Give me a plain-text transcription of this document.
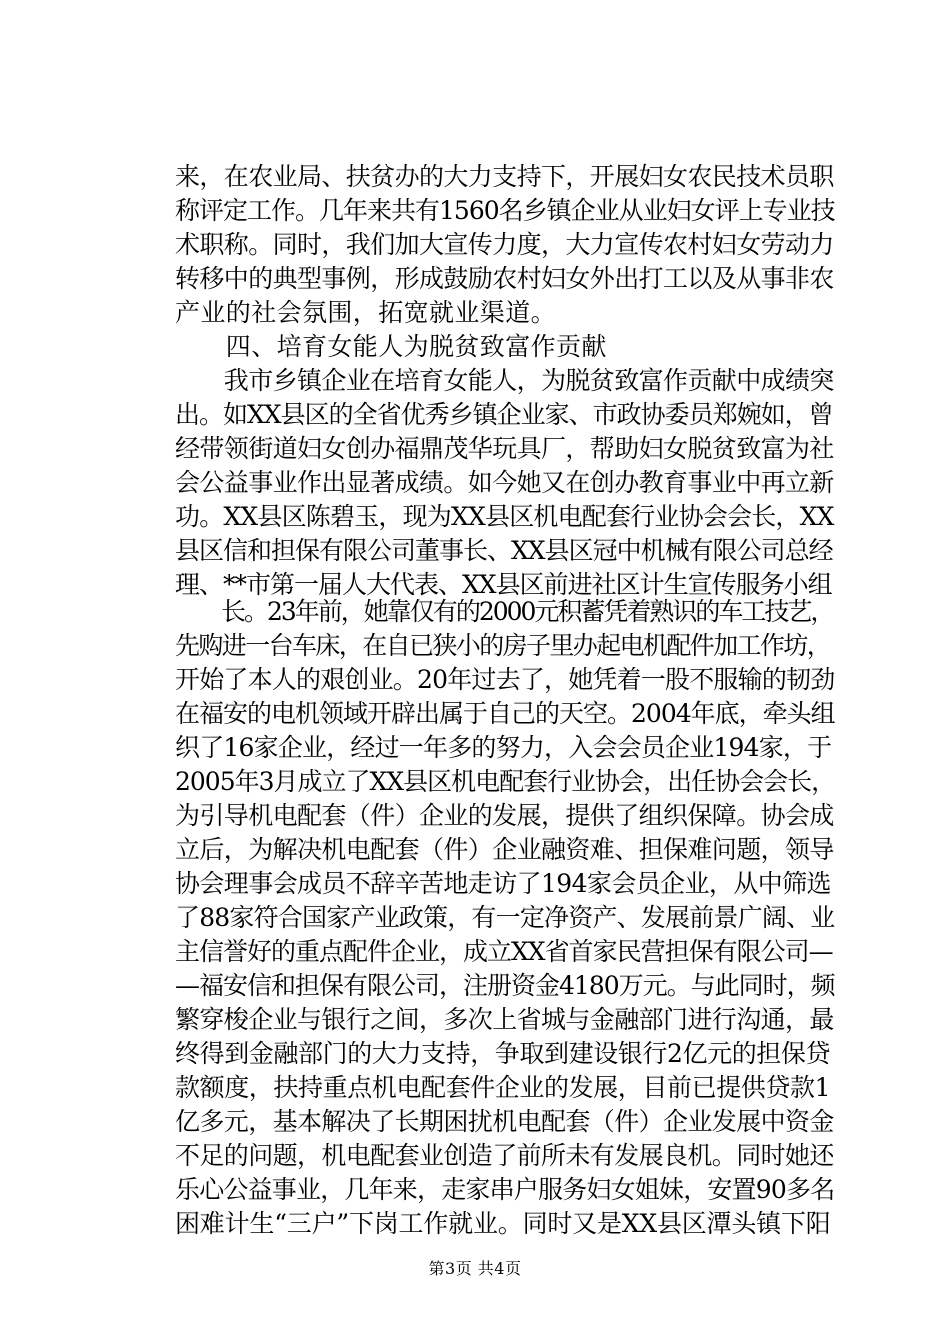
来，在农业局、扶贫办的大力支持下，开展妇女农民技术员职
称评定工作。几年来共有1560名乡镇企业从业妇女评上专业技
术职称。同时，我们加大宣传力度，大力宣传农村妇女劳动力
转移中的典型事例，形成鼓励农村妇女外出打工以及从事非农
产业的社会氛围，拓宽就业渠道。
　　四、培育女能人为脱贫致富作贡献
　　我市乡镇企业在培育女能人，为脱贫致富作贡献中成绩突
出。如XX县区的全省优秀乡镇企业家、市政协委员郑婉如，曾
经带领街道妇女创办福鼎茂华玩具厂，帮助妇女脱贫致富为社
会公益事业作出显著成绩。如今她又在创办教育事业中再立新
功。XX县区陈碧玉，现为XX县区机电配套行业协会会长，XX
县区信和担保有限公司董事长、XX县区冠中机械有限公司总经
理、**市第一届人大代表、XX县区前进社区计生宣传服务小组
　　长。23年前，她靠仅有的2000元积蓄凭着熟识的车工技艺，
先购进一台车床，在自已狭小的房子里办起电机配件加工作坊，
开始了本人的艰创业。20年过去了，她凭着一股不服输的韧劲
在福安的电机领域开辟出属于自己的天空。2004年底，牵头组
织了16家企业，经过一年多的努力，入会会员企业194家，于
2005年3月成立了XX县区机电配套行业协会，出任协会会长，
为引导机电配套（件）企业的发展，提供了组织保障。协会成
立后，为解决机电配套（件）企业融资难、担保难问题，领导
协会理事会成员不辞辛苦地走访了194家会员企业，从中筛选
了88家符合国家产业政策，有一定净资产、发展前景广阔、业
主信誉好的重点配件企业，成立XX省首家民营担保有限公司—
—福安信和担保有限公司，注册资金4180万元。与此同时，频
繁穿梭企业与银行之间，多次上省城与金融部门进行沟通，最
终得到金融部门的大力支持，争取到建设银行2亿元的担保贷
款额度，扶持重点机电配套件企业的发展，目前已提供贷款1
亿多元，基本解决了长期困扰机电配套（件）企业发展中资金
不足的问题，机电配套业创造了前所未有发展良机。同时她还
乐心公益事业，几年来，走家串户服务妇女姐妹，安置90多名
困难计生“三户”下岗工作就业。同时又是XX县区潭头镇下阳
第3页 共4页
